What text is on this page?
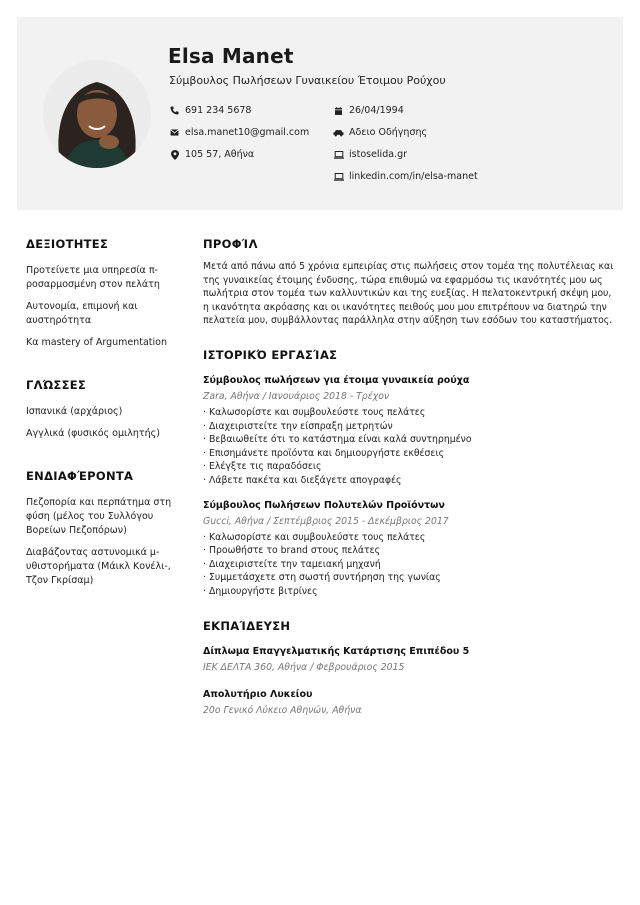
Elsa Manet
Σύμβουλος Πωλήσεων Γυναικείου Έτοιμου Ρούχου
691 234 5678
elsa.manet10@gmail.com
105 57, Αθήνα
26/04/1994
Αδειο Οδήγησης
istoselida.gr
linkedin.com/in/elsa-manet
ΔΕΞΙΟΤΗΤΕΣ
Προτείνετε μια υπηρεσία π-ροσαρμοσμένη στον πελάτη
Αυτονομία, επιμονή και αυστηρότητα
Κα mastery of Argumentation
ΓΛΏΣΣΕΣ
Ισπανικά (αρχάριος)
Αγγλικά (φυσικός ομιλητής)
ΕΝΔΙΑΦΈΡΟΝΤΑ
Πεζοπορία και περπάτημα στη φύση (μέλος του Συλλόγου Βορείων Πεζοπόρων)
Διαβάζοντας αστυνομικά μ-υθιστορήματα (Μάικλ Κονέλι-, Τζον Γκρίσαμ)
ΠΡΟΦΊΛ
Μετά από πάνω από 5 χρόνια εμπειρίας στις πωλήσεις στον τομέα της πολυτέλειας και της γυναικείας έτοιμης ένδυσης, τώρα επιθυμώ να εφαρμόσω τις ικανότητές μου ως πωλήτρια στον τομέα των καλλυντικών και της ευεξίας. Η πελατοκεντρική σκέψη μου, η ικανότητα ακρόασης και οι ικανότητες πειθούς μου μου επιτρέπουν να διατηρώ την πελατεία μου, συμβάλλοντας παράλληλα στην αύξηση των εσόδων του καταστήματος.
ΙΣΤΟΡΙΚΌ ΕΡΓΑΣΊΑΣ
Σύμβουλος πωλήσεων για έτοιμα γυναικεία ρούχα
Zara, Αθήνα / Ιανουάριος 2018 - Τρέχον
· Καλωσορίστε και συμβουλεύστε τους πελάτες
· Διαχειριστείτε την είσπραξη μετρητών
· Βεβαιωθείτε ότι το κατάστημα είναι καλά συντηρημένο
· Επισημάνετε προϊόντα και δημιουργήστε εκθέσεις
· Ελέγξτε τις παραδόσεις
· Λάβετε πακέτα και διεξάγετε απογραφές
Σύμβουλος Πωλήσεων Πολυτελών Προϊόντων
Gucci, Αθήνα / Σεπτέμβριος 2015 - Δεκέμβριος 2017
· Καλωσορίστε και συμβουλεύστε τους πελάτες
· Προωθήστε το brand στους πελάτες
· Διαχειριστείτε την ταμειακή μηχανή
· Συμμετάσχετε στη σωστή συντήρηση της γωνίας
· Δημιουργήστε βιτρίνες
ΕΚΠΑΊΔΕΥΣΗ
Δίπλωμα Επαγγελματικής Κατάρτισης Επιπέδου 5
IEK ΔΕΛΤΑ 360, Αθήνα / Φεβρουάριος 2015
Απολυτήριο Λυκείου
20ο Γενικό Λύκειο Αθηνών, Αθήνα
